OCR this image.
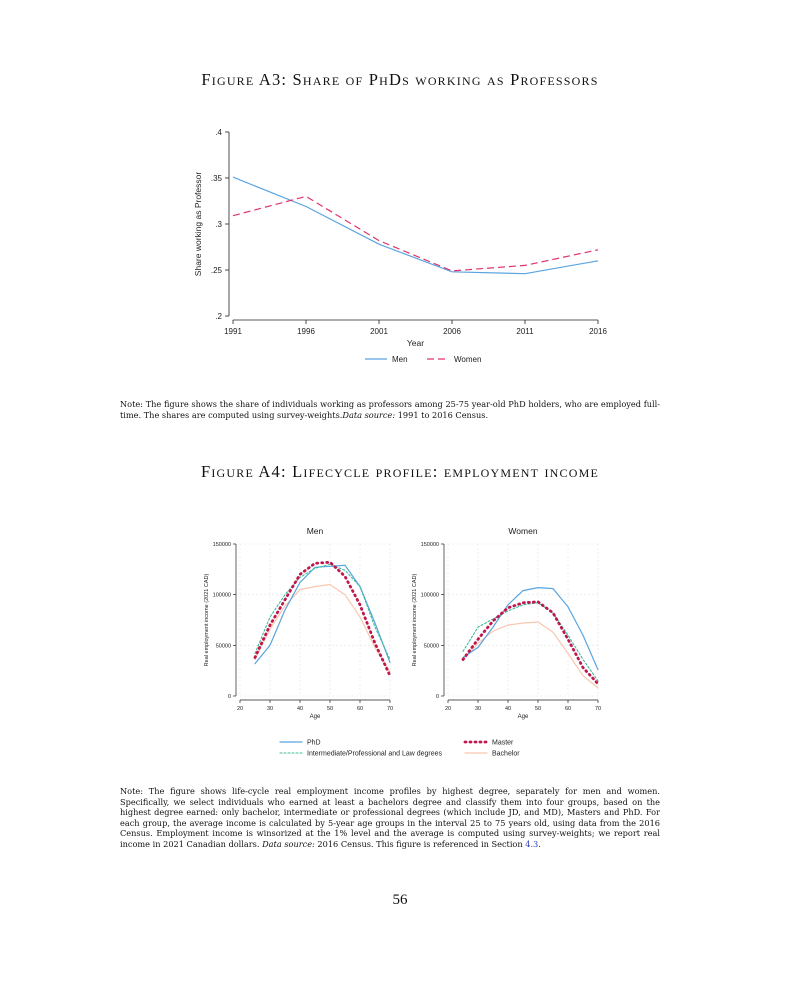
Figure A3: Share of PhDs working as Professors
.2
.25
.3
.35
.4
1991	1996	2001	2006	2011	2016
Year
Share working as Professor
Men	Women
Note: The figure shows the share of individuals working as professors among 25-75 year-old PhD holders, who are employed full-time. The shares are computed using survey-weights.Data source: 1991 to 2016 Census.
Figure A4: Lifecycle profile: employment income
Men
0
50000
100000
150000
20	30	40	50	60	70
Age
Real employment income (2021 CAD)
Women
0
50000
100000
150000
20	30	40	50	60	70
Age
Real employment income (2021 CAD)
PhD	Master
Intermediate/Professional and Law degrees	Bachelor
Note: The figure shows life-cycle real employment income profiles by highest degree, separately for men and women. Specifically, we select individuals who earned at least a bachelors degree and classify them into four groups, based on the highest degree earned: only bachelor, intermediate or professional degrees (which include JD, and MD), Masters and PhD. For each group, the average income is calculated by 5-year age groups in the interval 25 to 75 years old, using data from the 2016 Census. Employment income is winsorized at the 1% level and the average is computed using survey-weights; we report real income in 2021 Canadian dollars. Data source: 2016 Census. This figure is referenced in Section 4.3.
56
